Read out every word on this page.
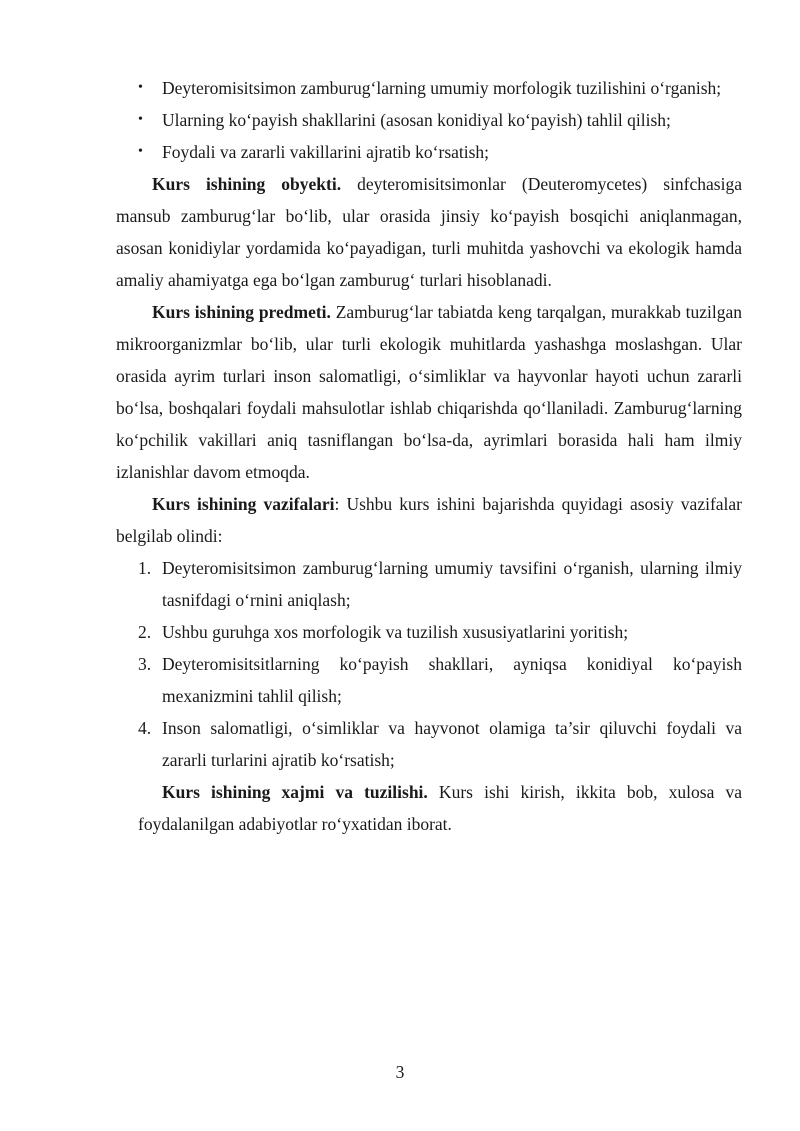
• Deyteromisitsimon zamburug‘larning umumiy morfologik tuzilishini o‘rganish;
• Ularning ko‘payish shakllarini (asosan konidiyal ko‘payish) tahlil qilish;
• Foydali va zararli vakillarini ajratib ko‘rsatish;

Kurs ishining obyekti. deyteromisitsimonlar (Deuteromycetes) sinfchasiga mansub zamburug‘lar bo‘lib, ular orasida jinsiy ko‘payish bosqichi aniqlanmagan, asosan konidiylar yordamida ko‘payadigan, turli muhitda yashovchi va ekologik hamda amaliy ahamiyatga ega bo‘lgan zamburug‘ turlari hisoblanadi.

Kurs ishining predmeti. Zamburug‘lar tabiatda keng tarqalgan, murakkab tuzilgan mikroorganizmlar bo‘lib, ular turli ekologik muhitlarda yashashga moslashgan. Ular orasida ayrim turlari inson salomatligi, o‘simliklar va hayvonlar hayoti uchun zararli bo‘lsa, boshqalari foydali mahsulotlar ishlab chiqarishda qo‘llaniladi. Zamburug‘larning ko‘pchilik vakillari aniq tasniflangan bo‘lsa-da, ayrimlari borasida hali ham ilmiy izlanishlar davom etmoqda.

Kurs ishining vazifalari: Ushbu kurs ishini bajarishda quyidagi asosiy vazifalar belgilab olindi:

1. Deyteromisitsimon zamburug‘larning umumiy tavsifini o‘rganish, ularning ilmiy tasnifdagi o‘rnini aniqlash;
2. Ushbu guruhga xos morfologik va tuzilish xususiyatlarini yoritish;
3. Deyteromisitsitlarning ko‘payish shakllari, ayniqsa konidiyal ko‘payish mexanizmini tahlil qilish;
4. Inson salomatligi, o‘simliklar va hayvonot olamiga ta’sir qiluvchi foydali va zararli turlarini ajratib ko‘rsatish;

Kurs ishining xajmi va tuzilishi. Kurs ishi kirish, ikkita bob, xulosa va foydalanilgan adabiyotlar ro‘yxatidan iborat.

3
